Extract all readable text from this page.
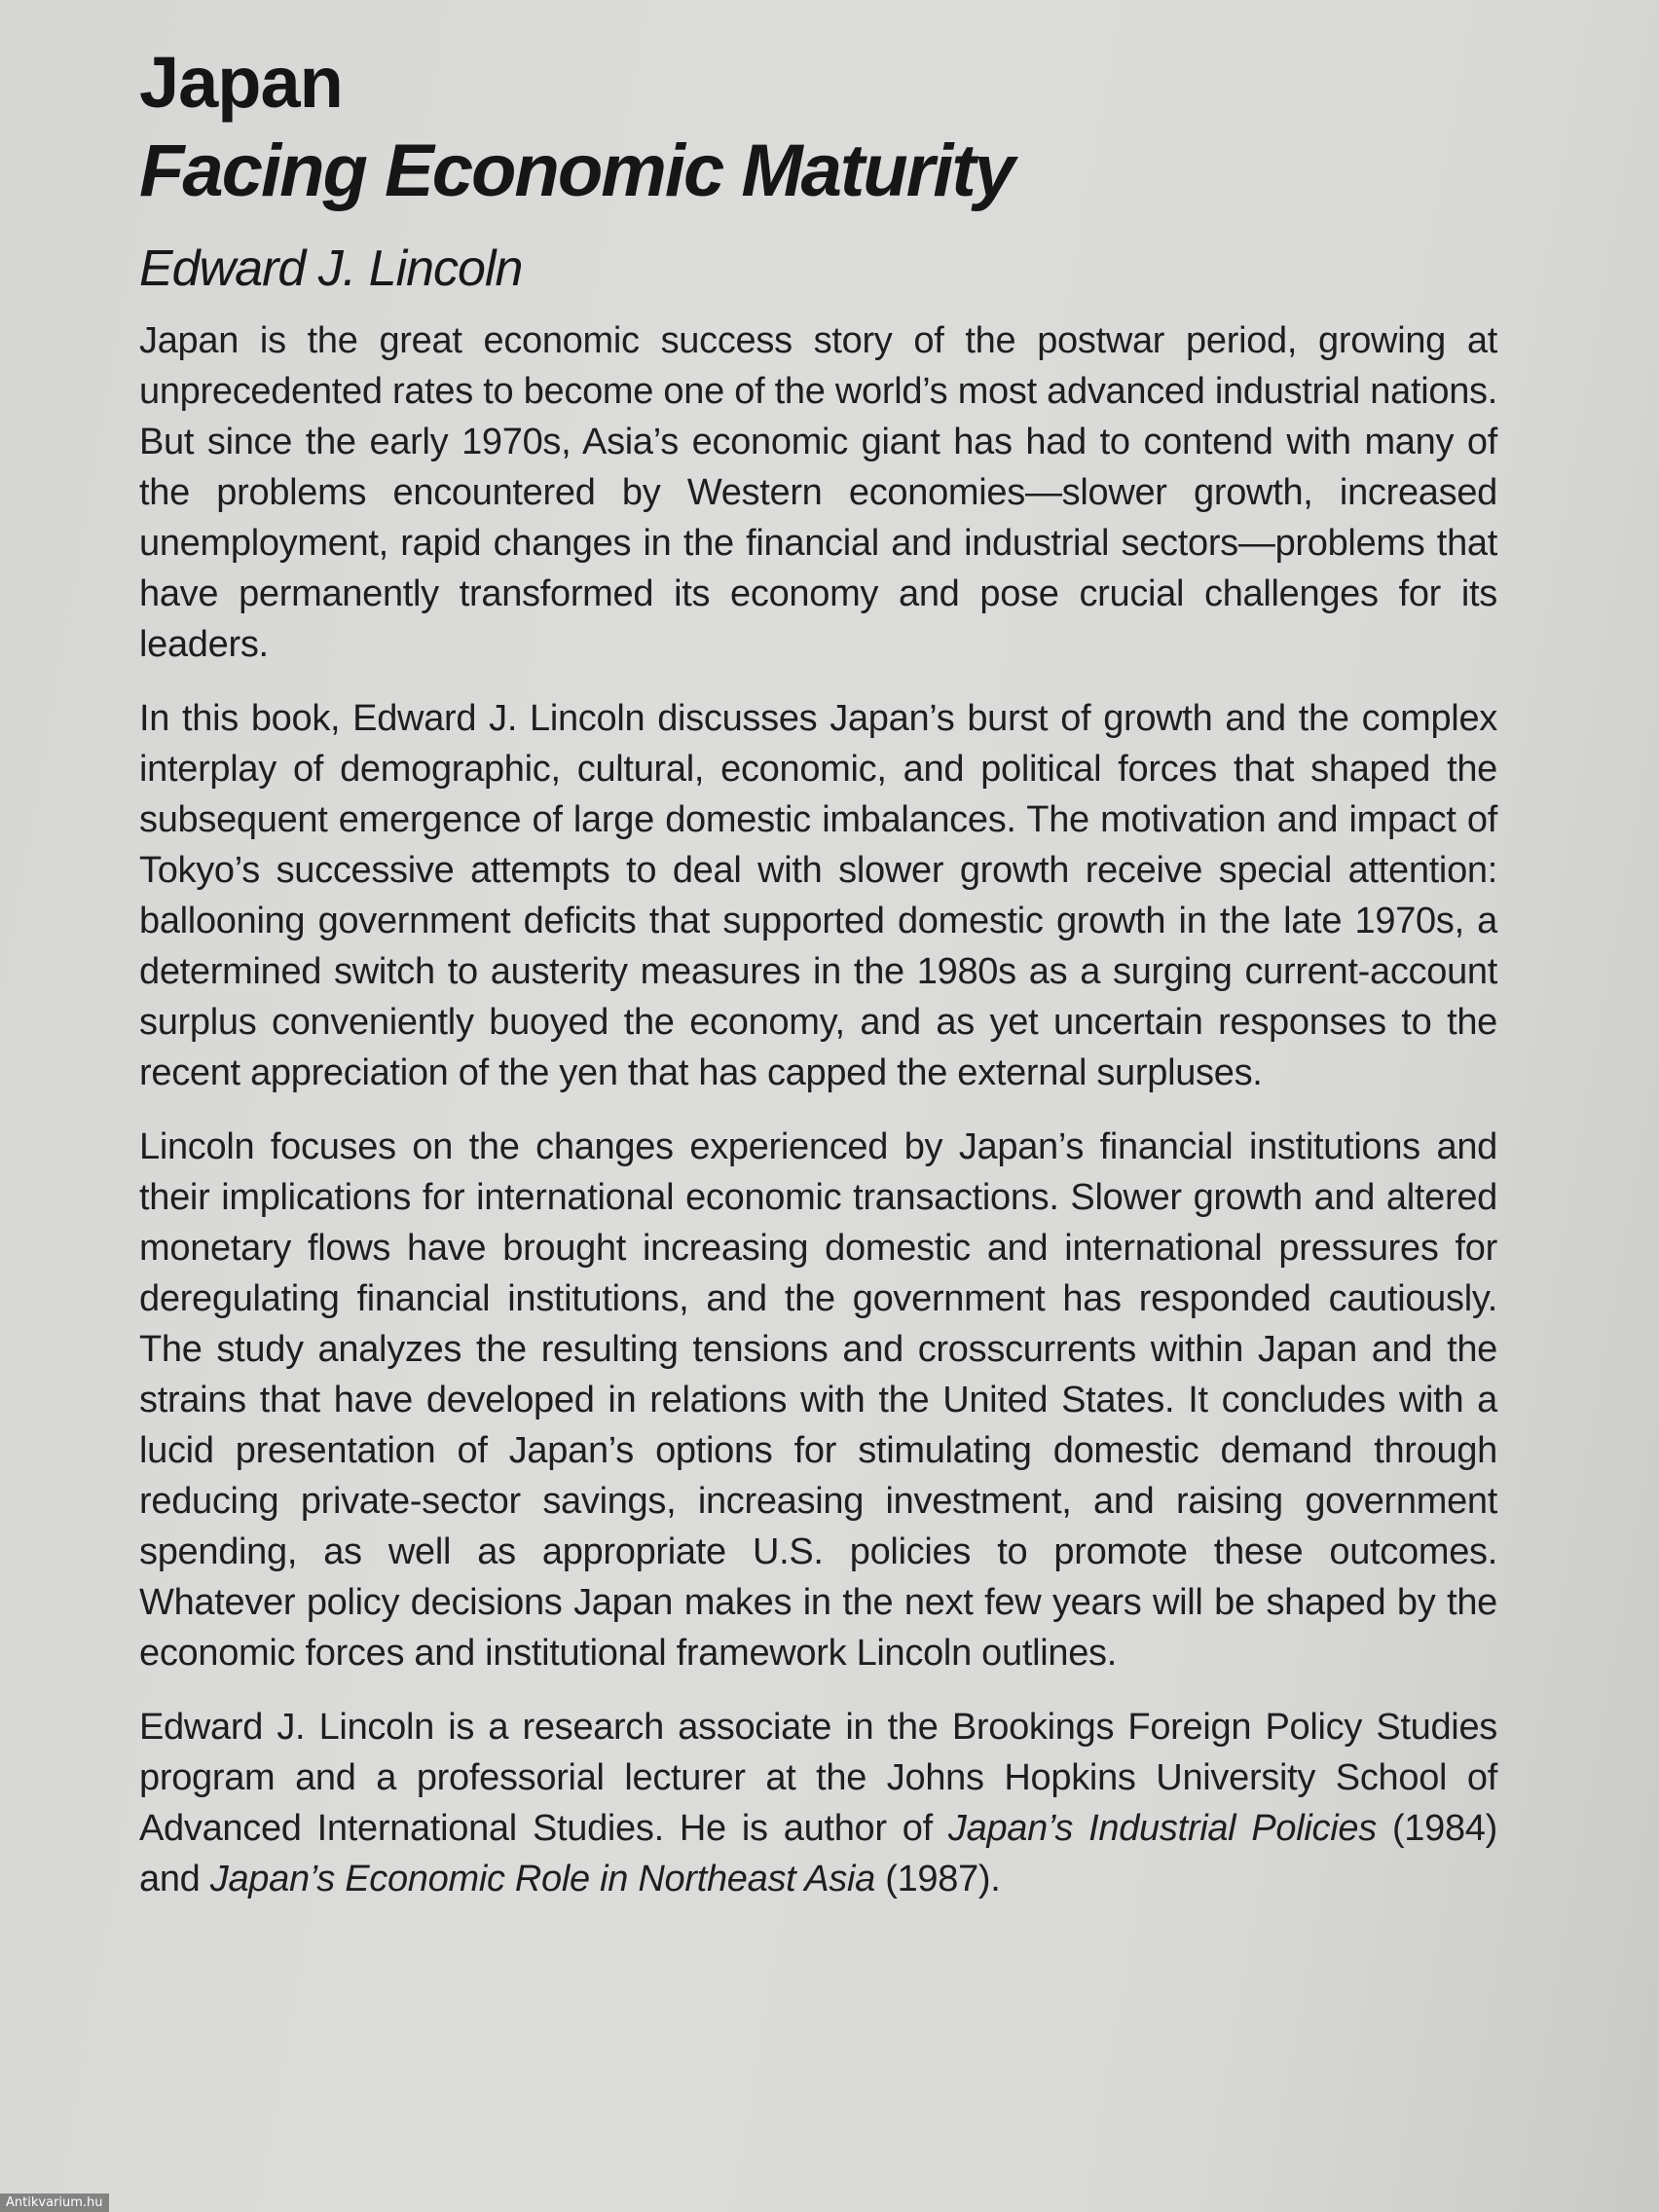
Japan
Facing Economic Maturity
Edward J. Lincoln

Japan is the great economic success story of the postwar period, growing at unprecedented rates to become one of the world’s most advanced industrial nations. But since the early 1970s, Asia’s economic giant has had to contend with many of the problems encountered by Western economies—slower growth, increased unemployment, rapid changes in the financial and industrial sectors—problems that have permanently transformed its economy and pose crucial challenges for its leaders.

In this book, Edward J. Lincoln discusses Japan’s burst of growth and the complex interplay of demographic, cultural, economic, and political forces that shaped the subsequent emergence of large domestic imbalances. The motivation and impact of Tokyo’s successive attempts to deal with slower growth receive special attention: ballooning government deficits that supported domestic growth in the late 1970s, a determined switch to austerity measures in the 1980s as a surging current-account surplus conveniently buoyed the economy, and as yet uncertain responses to the recent appreciation of the yen that has capped the external surpluses.

Lincoln focuses on the changes experienced by Japan’s financial institutions and their implications for international economic transactions. Slower growth and altered monetary flows have brought increasing domestic and international pressures for deregulating financial institutions, and the government has responded cautiously. The study analyzes the resulting tensions and crosscurrents within Japan and the strains that have developed in relations with the United States. It concludes with a lucid presentation of Japan’s options for stimulating domestic demand through reducing private-sector savings, increasing investment, and raising government spending, as well as appropriate U.S. policies to promote these outcomes. Whatever policy decisions Japan makes in the next few years will be shaped by the economic forces and institutional framework Lincoln outlines.

Edward J. Lincoln is a research associate in the Brookings Foreign Policy Studies program and a professorial lecturer at the Johns Hopkins University School of Advanced International Studies. He is author of Japan’s Industrial Policies (1984) and Japan’s Economic Role in Northeast Asia (1987).

Antikvarium.hu
